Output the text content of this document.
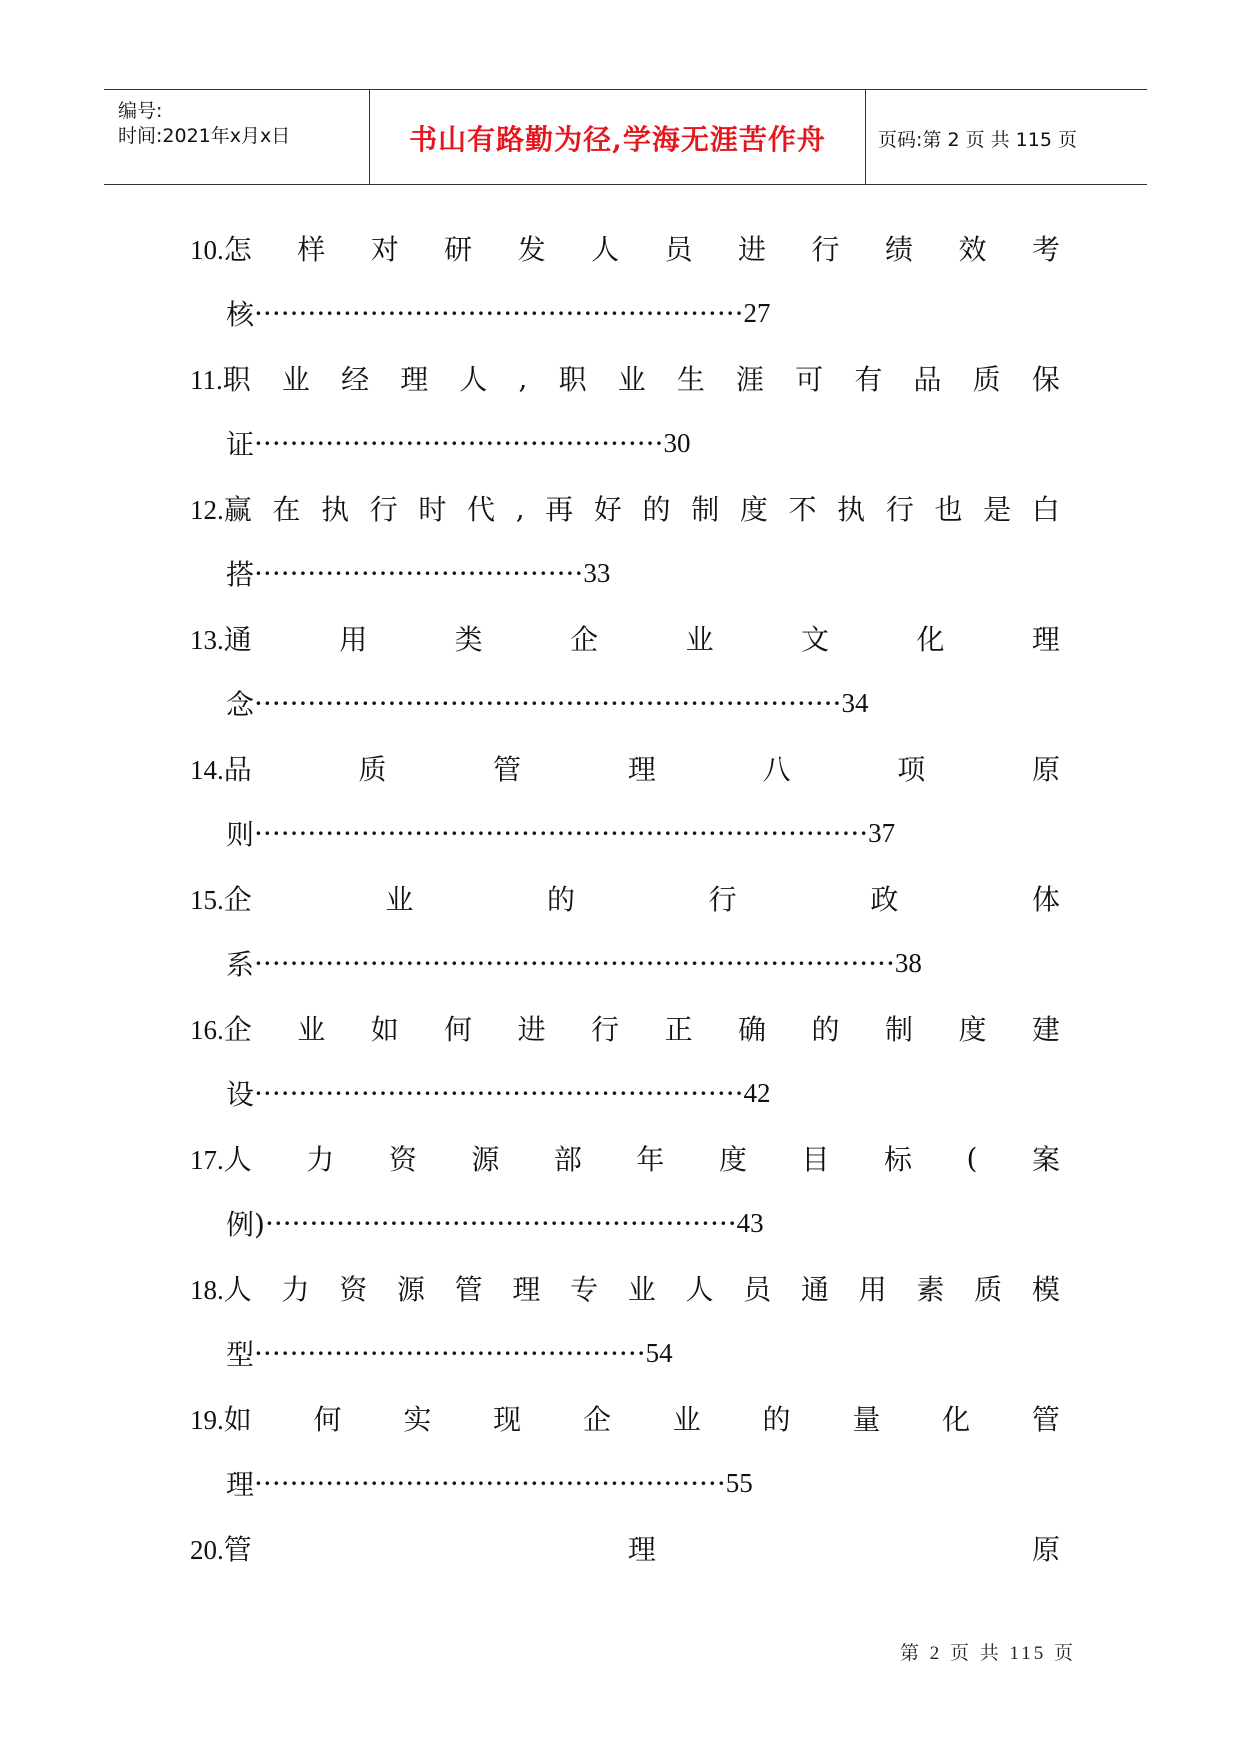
编号:
时间:2021年x月x日	书山有路勤为径,学海无涯苦作舟	页码:第 2 页 共 115 页
10.怎 样 对 研 发 人 员 进 行 绩 效 考
核 ······················································· 27
11.职 业 经 理 人 , 职 业 生 涯 可 有 品 质 保
证 ·············································· 30
12.赢 在 执 行 时 代 , 再 好 的 制 度 不 执 行 也 是 白
搭 ····································· 33
13.通	用	类	企	业	文	化	理
念 ·································································· 34
14.品	质	管	理	八	项	原
则 ····································································· 37
15.企	业	的	行	政	体
系 ········································································ 38
16.企 业 如 何 进 行 正 确 的 制 度 建
设 ······················································· 42
17.人 力 资 源 部 年 度 目 标 ( 案
例) ····················································· 43
18.人 力 资 源 管 理 专 业 人 员 通 用 素 质 模
型 ············································ 54
19.如 何 实 现 企 业 的 量 化 管
理 ····················································· 55
20.管	理	原
第 2 页 共 115 页
